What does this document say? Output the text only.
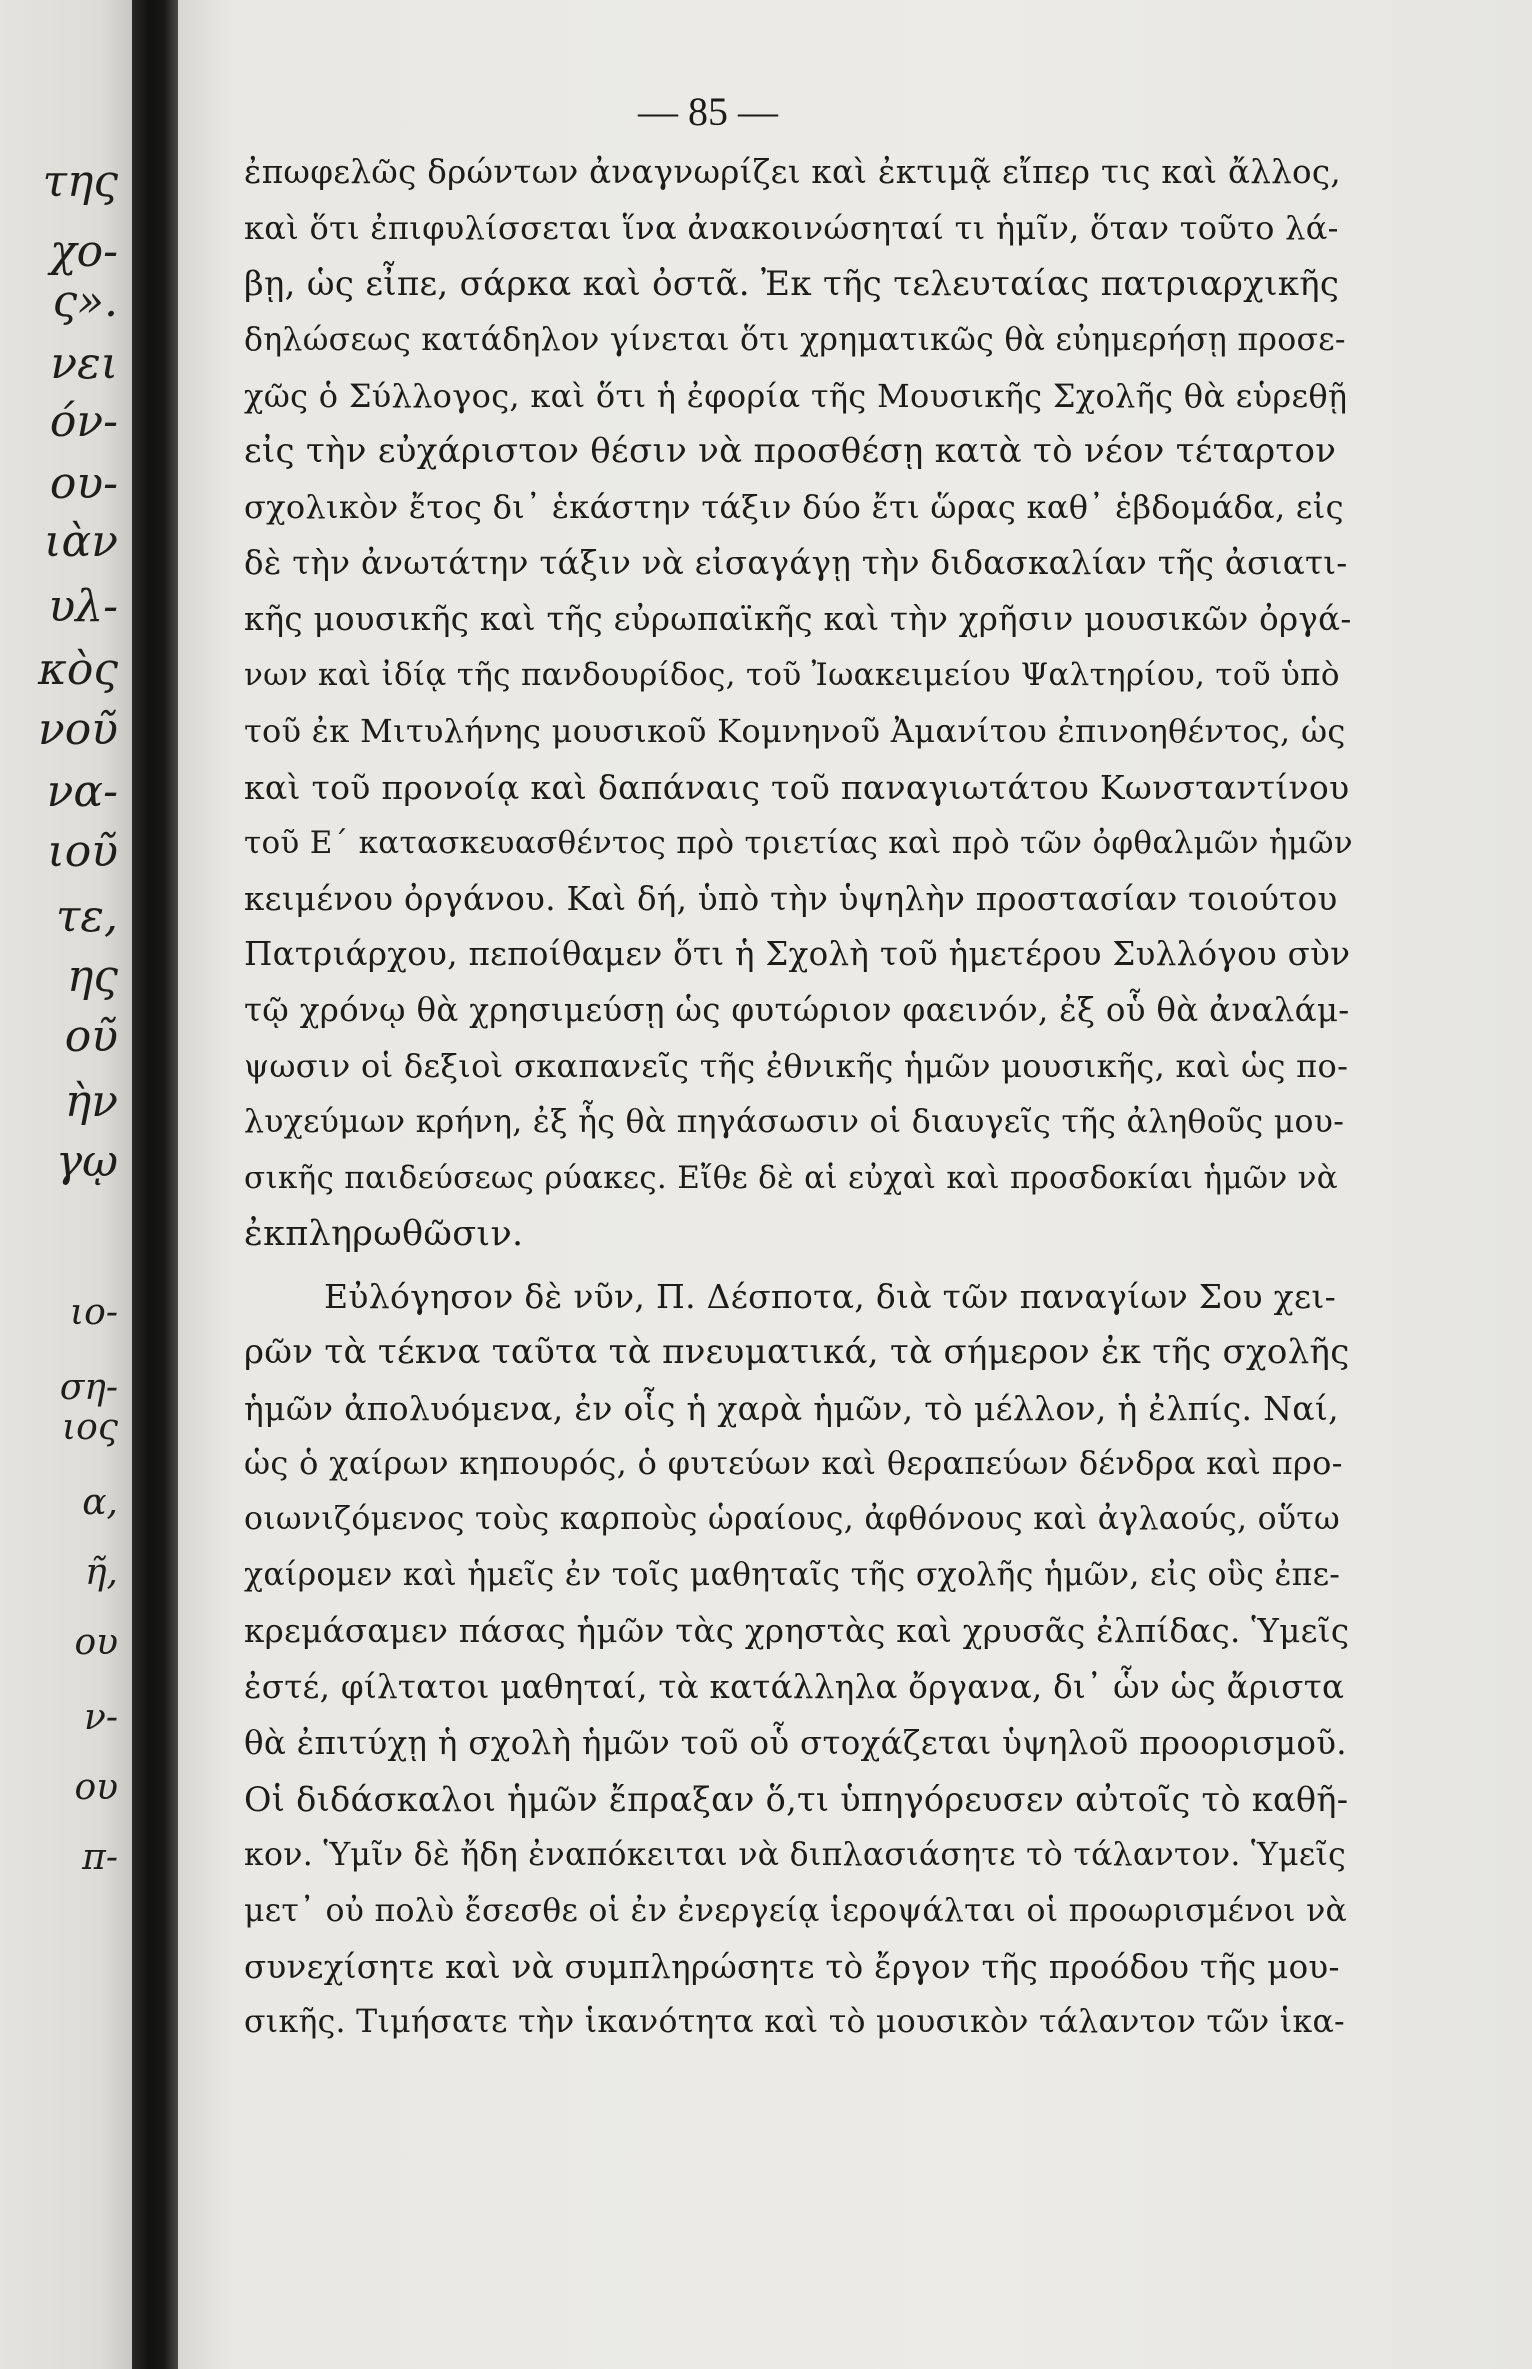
της
χο-
ς».
νει
όν-
ου-
ιὰν
υλ-
κὸς
νοῦ
να-
ιοῦ
τε,
ης
οῦ
ὴν
γῳ
ιο-
ση-
ιος
α,
ῆ,
ου
ν-
ου
π-
— 85 —
ἐπωφελῶς δρώντων ἀναγνωρίζει καὶ ἐκτιμᾷ εἴπερ τις καὶ ἄλλος,
καὶ ὅτι ἐπιφυλίσσεται ἵνα ἀνακοινώσηταί τι ἡμῖν, ὅταν τοῦτο λά-
βῃ, ὡς εἶπε, σάρκα καὶ ὀστᾶ. Ἐκ τῆς τελευταίας πατριαρχικῆς
δηλώσεως κατάδηλον γίνεται ὅτι χρηματικῶς θὰ εὐημερήσῃ προσε-
χῶς ὁ Σύλλογος, καὶ ὅτι ἡ ἐφορία τῆς Μουσικῆς Σχολῆς θὰ εὑρεθῇ
εἰς τὴν εὐχάριστον θέσιν νὰ προσθέσῃ κατὰ τὸ νέον τέταρτον
σχολικὸν ἔτος δι᾽ ἑκάστην τάξιν δύο ἔτι ὥρας καθ᾽ ἑβδομάδα, εἰς
δὲ τὴν ἀνωτάτην τάξιν νὰ εἰσαγάγῃ τὴν διδασκαλίαν τῆς ἀσιατι-
κῆς μουσικῆς καὶ τῆς εὐρωπαϊκῆς καὶ τὴν χρῆσιν μουσικῶν ὀργά-
νων καὶ ἰδίᾳ τῆς πανδουρίδος, τοῦ Ἰωακειμείου Ψαλτηρίου, τοῦ ὑπὸ
τοῦ ἐκ Μιτυλήνης μουσικοῦ Κομνηνοῦ Ἀμανίτου ἐπινοηθέντος, ὡς
καὶ τοῦ προνοίᾳ καὶ δαπάναις τοῦ παναγιωτάτου Κωνσταντίνου
τοῦ Ε΄ κατασκευασθέντος πρὸ τριετίας καὶ πρὸ τῶν ὀφθαλμῶν ἡμῶν
κειμένου ὀργάνου. Καὶ δή, ὑπὸ τὴν ὑψηλὴν προστασίαν τοιούτου
Πατριάρχου, πεποίθαμεν ὅτι ἡ Σχολὴ τοῦ ἡμετέρου Συλλόγου σὺν
τῷ χρόνῳ θὰ χρησιμεύσῃ ὡς φυτώριον φαεινόν, ἐξ οὗ θὰ ἀναλάμ-
ψωσιν οἱ δεξιοὶ σκαπανεῖς τῆς ἐθνικῆς ἡμῶν μουσικῆς, καὶ ὡς πο-
λυχεύμων κρήνη, ἐξ ἧς θὰ πηγάσωσιν οἱ διαυγεῖς τῆς ἀληθοῦς μου-
σικῆς παιδεύσεως ρύακες. Εἴθε δὲ αἱ εὐχαὶ καὶ προσδοκίαι ἡμῶν νὰ
ἐκπληρωθῶσιν.
Εὐλόγησον δὲ νῦν, Π. Δέσποτα, διὰ τῶν παναγίων Σου χει-
ρῶν τὰ τέκνα ταῦτα τὰ πνευματικά, τὰ σήμερον ἐκ τῆς σχολῆς
ἡμῶν ἀπολυόμενα, ἐν οἷς ἡ χαρὰ ἡμῶν, τὸ μέλλον, ἡ ἐλπίς. Ναί,
ὡς ὁ χαίρων κηπουρός, ὁ φυτεύων καὶ θεραπεύων δένδρα καὶ προ-
οιωνιζόμενος τοὺς καρποὺς ὡραίους, ἀφθόνους καὶ ἀγλαούς, οὕτω
χαίρομεν καὶ ἡμεῖς ἐν τοῖς μαθηταῖς τῆς σχολῆς ἡμῶν, εἰς οὓς ἐπε-
κρεμάσαμεν πάσας ἡμῶν τὰς χρηστὰς καὶ χρυσᾶς ἐλπίδας. Ὑμεῖς
ἐστέ, φίλτατοι μαθηταί, τὰ κατάλληλα ὄργανα, δι᾽ ὧν ὡς ἄριστα
θὰ ἐπιτύχῃ ἡ σχολὴ ἡμῶν τοῦ οὗ στοχάζεται ὑψηλοῦ προορισμοῦ.
Οἱ διδάσκαλοι ἡμῶν ἔπραξαν ὅ,τι ὑπηγόρευσεν αὐτοῖς τὸ καθῆ-
κον. Ὑμῖν δὲ ἤδη ἐναπόκειται νὰ διπλασιάσητε τὸ τάλαντον. Ὑμεῖς
μετ᾽ οὐ πολὺ ἔσεσθε οἱ ἐν ἐνεργείᾳ ἱεροψάλται οἱ προωρισμένοι νὰ
συνεχίσητε καὶ νὰ συμπληρώσητε τὸ ἔργον τῆς προόδου τῆς μου-
σικῆς. Τιμήσατε τὴν ἱκανότητα καὶ τὸ μουσικὸν τάλαντον τῶν ἱκα-
